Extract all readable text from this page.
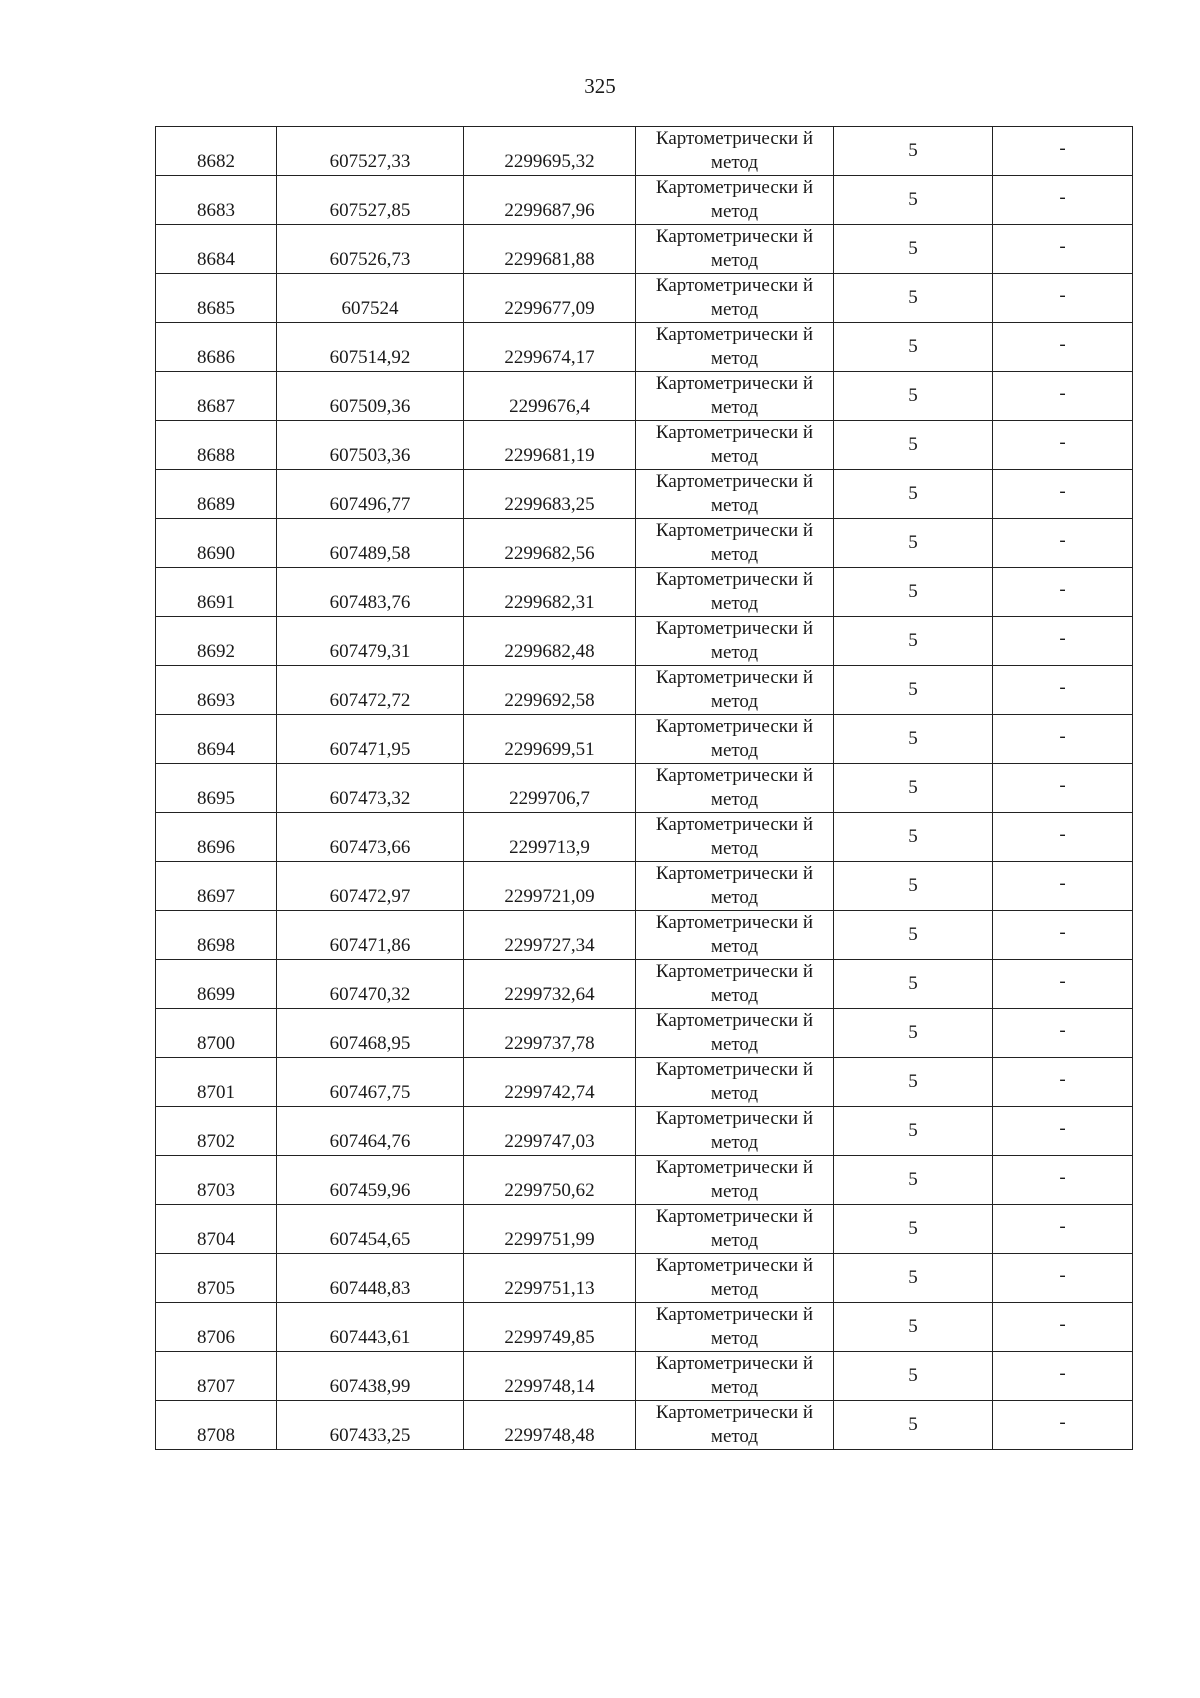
325
8682	607527,33	2299695,32	Картометрически й метод	5	-
8683	607527,85	2299687,96	Картометрически й метод	5	-
8684	607526,73	2299681,88	Картометрически й метод	5	-
8685	607524	2299677,09	Картометрически й метод	5	-
8686	607514,92	2299674,17	Картометрически й метод	5	-
8687	607509,36	2299676,4	Картометрически й метод	5	-
8688	607503,36	2299681,19	Картометрически й метод	5	-
8689	607496,77	2299683,25	Картометрически й метод	5	-
8690	607489,58	2299682,56	Картометрически й метод	5	-
8691	607483,76	2299682,31	Картометрически й метод	5	-
8692	607479,31	2299682,48	Картометрически й метод	5	-
8693	607472,72	2299692,58	Картометрически й метод	5	-
8694	607471,95	2299699,51	Картометрически й метод	5	-
8695	607473,32	2299706,7	Картометрически й метод	5	-
8696	607473,66	2299713,9	Картометрически й метод	5	-
8697	607472,97	2299721,09	Картометрически й метод	5	-
8698	607471,86	2299727,34	Картометрически й метод	5	-
8699	607470,32	2299732,64	Картометрически й метод	5	-
8700	607468,95	2299737,78	Картометрически й метод	5	-
8701	607467,75	2299742,74	Картометрически й метод	5	-
8702	607464,76	2299747,03	Картометрически й метод	5	-
8703	607459,96	2299750,62	Картометрически й метод	5	-
8704	607454,65	2299751,99	Картометрически й метод	5	-
8705	607448,83	2299751,13	Картометрически й метод	5	-
8706	607443,61	2299749,85	Картометрически й метод	5	-
8707	607438,99	2299748,14	Картометрически й метод	5	-
8708	607433,25	2299748,48	Картометрически й метод	5	-
